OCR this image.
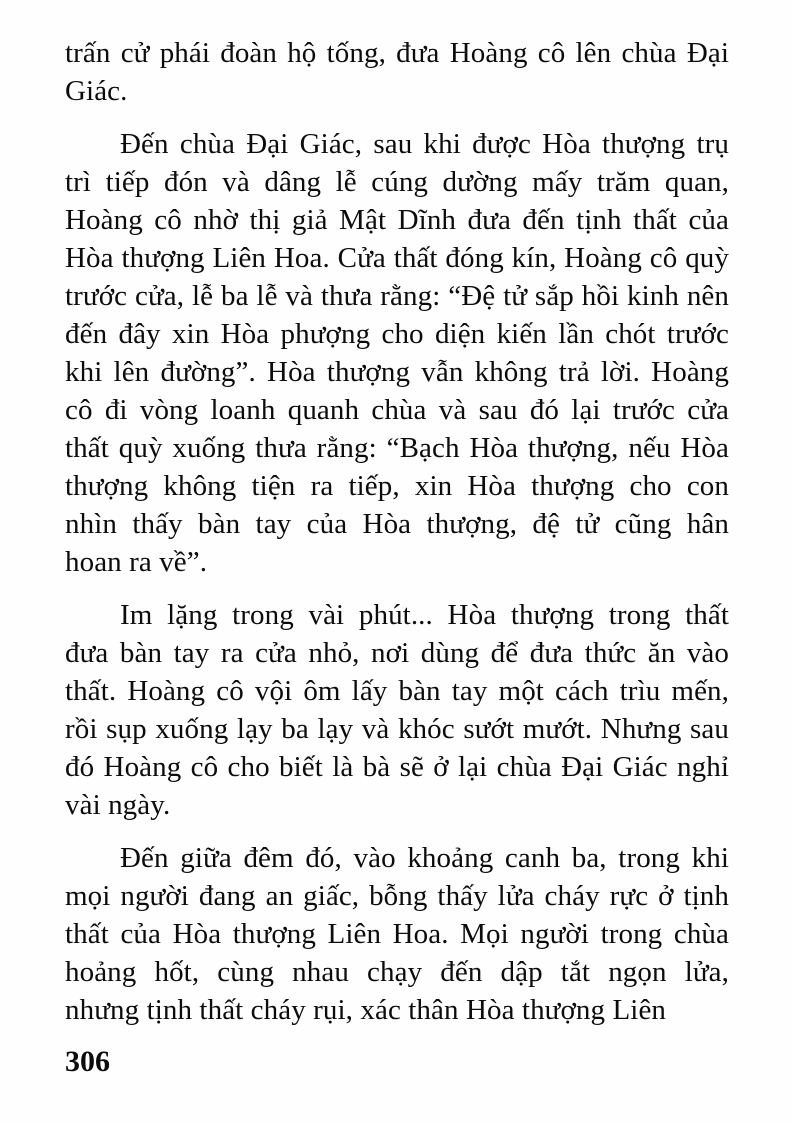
trấn cử phái đoàn hộ tống, đưa Hoàng cô lên chùa Đại
Giác.
Đến chùa Đại Giác, sau khi được Hòa thượng trụ
trì tiếp đón và dâng lễ cúng dường mấy trăm quan,
Hoàng cô nhờ thị giả Mật Dĩnh đưa đến tịnh thất của
Hòa thượng Liên Hoa. Cửa thất đóng kín, Hoàng cô quỳ
trước cửa, lễ ba lễ và thưa rằng: “Đệ tử sắp hồi kinh nên
đến đây xin Hòa phượng cho diện kiến lần chót trước
khi lên đường”. Hòa thượng vẫn không trả lời. Hoàng
cô đi vòng loanh quanh chùa và sau đó lại trước cửa
thất quỳ xuống thưa rằng: “Bạch Hòa thượng, nếu Hòa
thượng không tiện ra tiếp, xin Hòa thượng cho con
nhìn thấy bàn tay của Hòa thượng, đệ tử cũng hân
hoan ra về”.
Im lặng trong vài phút... Hòa thượng trong thất
đưa bàn tay ra cửa nhỏ, nơi dùng để đưa thức ăn vào
thất. Hoàng cô vội ôm lấy bàn tay một cách trìu mến,
rồi sụp xuống lạy ba lạy và khóc sướt mướt. Nhưng sau
đó Hoàng cô cho biết là bà sẽ ở lại chùa Đại Giác nghỉ
vài ngày.
Đến giữa đêm đó, vào khoảng canh ba, trong khi
mọi người đang an giấc, bỗng thấy lửa cháy rực ở tịnh
thất của Hòa thượng Liên Hoa. Mọi người trong chùa
hoảng hốt, cùng nhau chạy đến dập tắt ngọn lửa,
nhưng tịnh thất cháy rụi, xác thân Hòa thượng Liên
306
